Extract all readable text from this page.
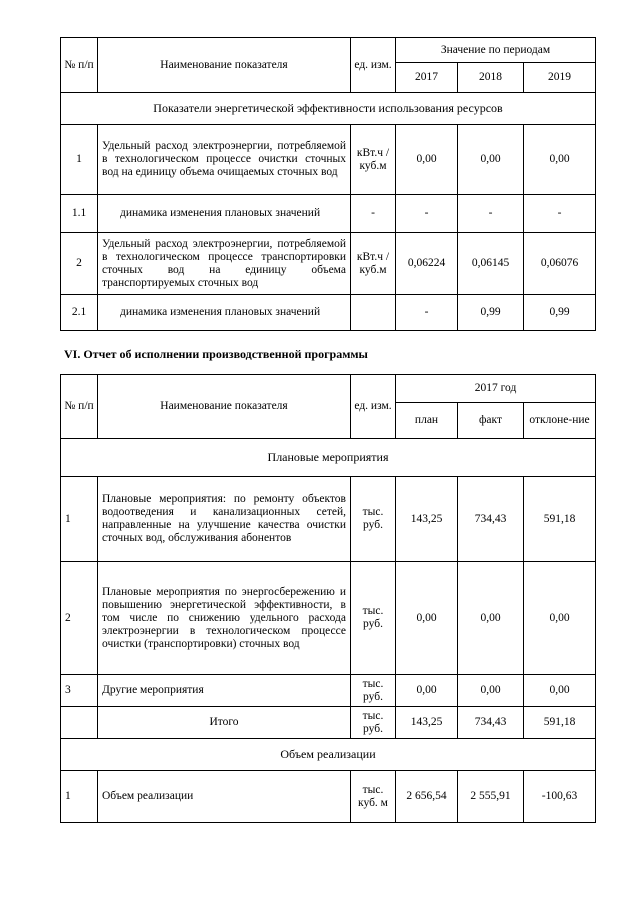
№ п/п	Наименование показателя	ед. изм.	Значение по периодам		
			2017	2018	2019
Показатели энергетической эффективности использования ресурсов					
1	Удельный расход электроэнергии, потребляемой в технологическом процессе очистки сточных вод на единицу объема очищаемых сточных вод	кВт.ч / куб.м	0,00	0,00	0,00
1.1	динамика изменения плановых значений	-	-	-	-
2	Удельный расход электроэнергии, потребляемой в технологическом процессе транспортировки сточных вод на единицу объема транспортируемых сточных вод	кВт.ч / куб.м	0,06224	0,06145	0,06076
2.1	динамика изменения плановых значений		-	0,99	0,99

VI. Отчет об исполнении производственной программы

№ п/п	Наименование показателя	ед. изм.	2017 год		
			план	факт	отклоне-ние
Плановые мероприятия					
1	Плановые мероприятия: по ремонту объектов водоотведения и канализационных сетей, направленные на улучшение качества очистки сточных вод, обслуживания абонентов	тыс. руб.	143,25	734,43	591,18
2	Плановые мероприятия по энергосбережению и повышению энергетической эффективности, в том числе по снижению удельного расхода электроэнергии в технологическом процессе очистки (транспортировки) сточных вод	тыс. руб.	0,00	0,00	0,00
3	Другие мероприятия	тыс. руб.	0,00	0,00	0,00
	Итого	тыс. руб.	143,25	734,43	591,18
Объем реализации					
1	Объем реализации	тыс. куб. м	2 656,54	2 555,91	-100,63
